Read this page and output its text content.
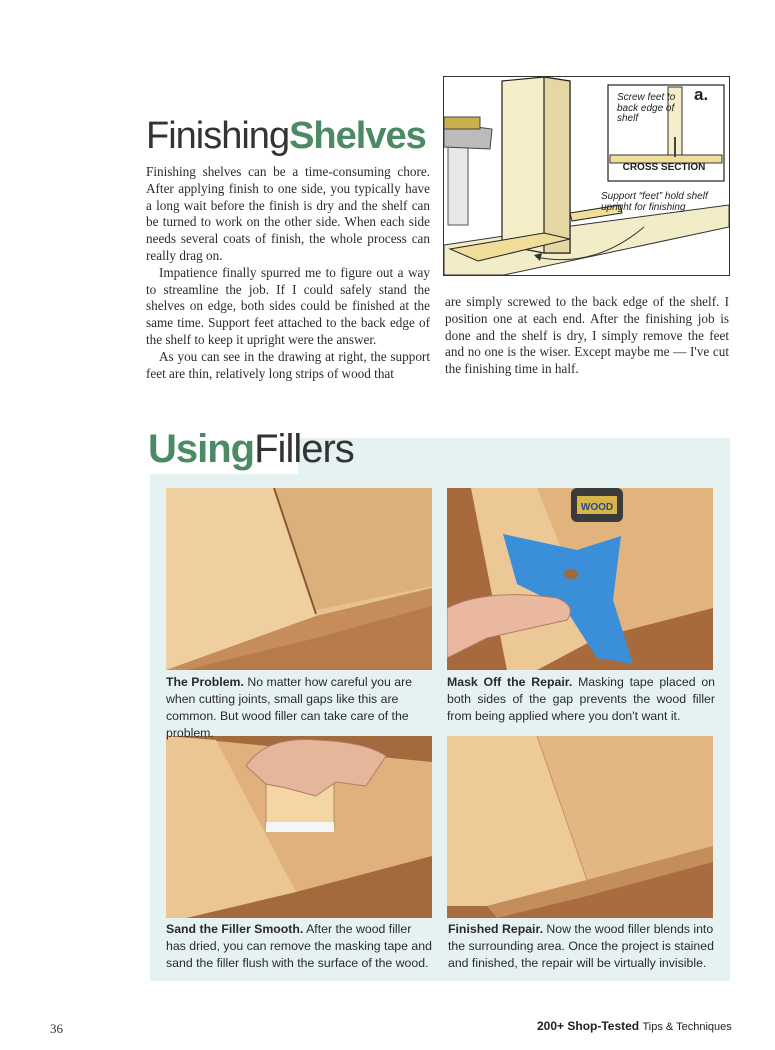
FinishingShelves

Finishing shelves can be a time-consuming chore. After applying finish to one side, you typically have a long wait before the finish is dry and the shelf can be turned to work on the other side. When each side needs several coats of finish, the whole process can really drag on.

Impatience finally spurred me to figure out a way to streamline the job. If I could safely stand the shelves on edge, both sides could be finished at the same time. Support feet attached to the back edge of the shelf to keep it upright were the answer.

As you can see in the drawing at right, the support feet are thin, relatively long strips of wood that

are simply screwed to the back edge of the shelf. I position one at each end. After the finishing job is done and the shelf is dry, I simply remove the feet and no one is the wiser. Except maybe me — I've cut the finishing time in half.

Screw feet to back edge of shelf
CROSS SECTION
a.
Support “feet” hold shelf upright for finishing
UsingFillers
WOOD
The Problem. No matter how careful you are when cutting joints, small gaps like this are common. But wood filler can take care of the problem.
Mask Off the Repair. Masking tape placed on both sides of the gap prevents the wood filler from being applied where you don't want it.
Sand the Filler Smooth. After the wood filler has dried, you can remove the masking tape and sand the filler flush with the surface of the wood.
Finished Repair. Now the wood filler blends into the surrounding area. Once the project is stained and finished, the repair will be virtually invisible.
36	200+ Shop-Tested Tips & Techniques
